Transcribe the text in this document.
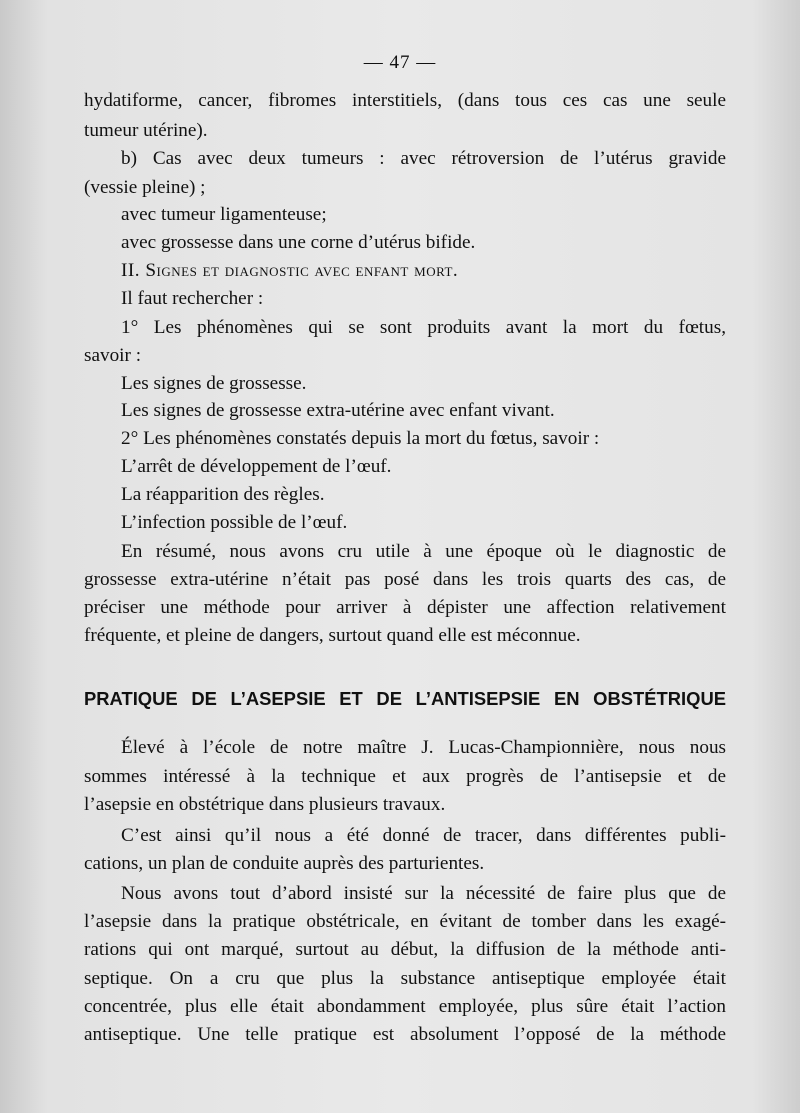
— 47 —
hydatiforme, cancer, fibromes interstitiels, (dans tous ces cas une seule
tumeur utérine).
b) Cas avec deux tumeurs : avec rétroversion de l’utérus gravide
(vessie pleine) ;
avec tumeur ligamenteuse;
avec grossesse dans une corne d’utérus bifide.
II. Signes et diagnostic avec enfant mort.
Il faut rechercher :
1° Les phénomènes qui se sont produits avant la mort du fœtus,
savoir :
Les signes de grossesse.
Les signes de grossesse extra-utérine avec enfant vivant.
2° Les phénomènes constatés depuis la mort du fœtus, savoir :
L’arrêt de développement de l’œuf.
La réapparition des règles.
L’infection possible de l’œuf.
En résumé, nous avons cru utile à une époque où le diagnostic de
grossesse extra-utérine n’était pas posé dans les trois quarts des cas, de
préciser une méthode pour arriver à dépister une affection relativement
fréquente, et pleine de dangers, surtout quand elle est méconnue.
PRATIQUE DE L’ASEPSIE ET DE L’ANTISEPSIE EN OBSTÉTRIQUE
Élevé à l’école de notre maître J. Lucas-Championnière, nous nous
sommes intéressé à la technique et aux progrès de l’antisepsie et de
l’asepsie en obstétrique dans plusieurs travaux.
C’est ainsi qu’il nous a été donné de tracer, dans différentes publi-
cations, un plan de conduite auprès des parturientes.
Nous avons tout d’abord insisté sur la nécessité de faire plus que de
l’asepsie dans la pratique obstétricale, en évitant de tomber dans les exagé-
rations qui ont marqué, surtout au début, la diffusion de la méthode anti-
septique. On a cru que plus la substance antiseptique employée était
concentrée, plus elle était abondamment employée, plus sûre était l’action
antiseptique. Une telle pratique est absolument l’opposé de la méthode
